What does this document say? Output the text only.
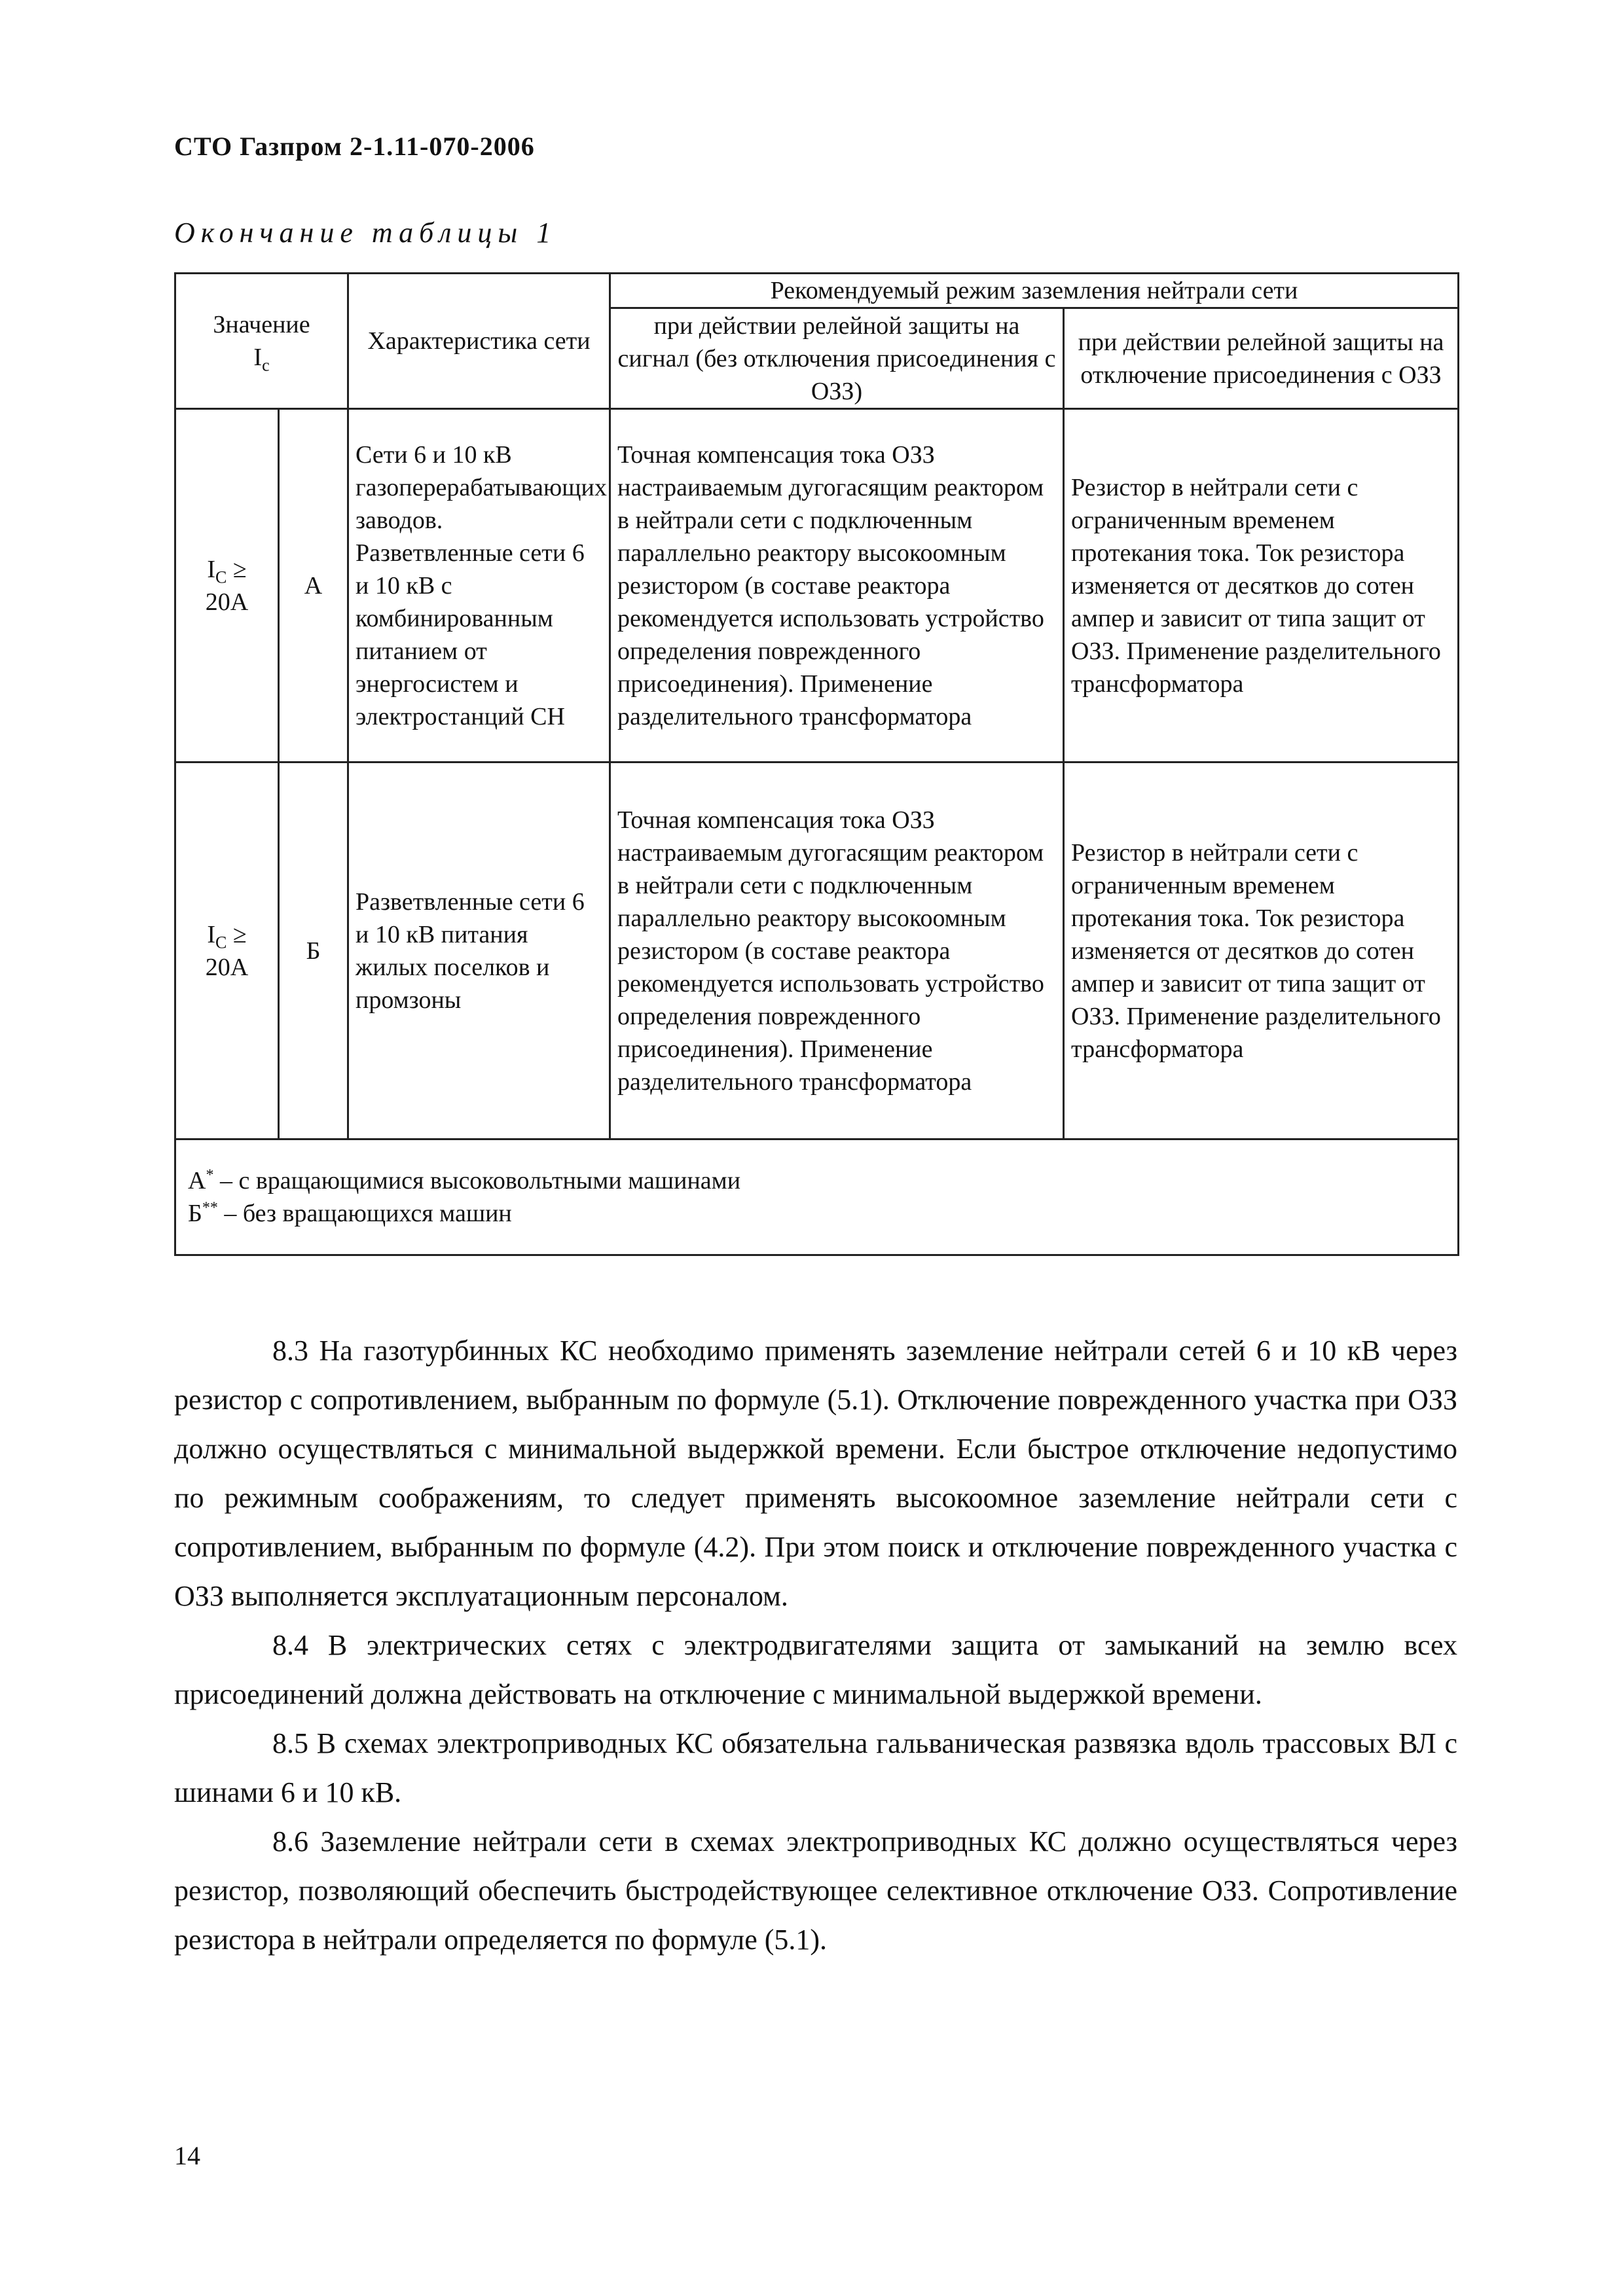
СТО Газпром 2-1.11-070-2006
Окончание таблицы 1
Значение
$I_c$		Характеристика сети	Рекомендуемый режим заземления нейтрали сети	
			при действии релейной защиты на сигнал (без отключения присоединения с ОЗЗ)	при действии релейной защиты на отключение присоединения с ОЗЗ
$I_C$ ≥
20А	А	Сети 6 и 10 кВ газоперерабатывающих заводов. Разветвленные сети 6 и 10 кВ с комбинированным питанием от энергосистем и электростанций СН	Точная компенсация тока ОЗЗ настраиваемым дугогасящим реактором в нейтрали сети с подключенным параллельно реактору высокоомным резистором (в составе реактора рекомендуется использовать устройство определения поврежденного присоединения). Применение разделительного трансформатора	Резистор в нейтрали сети с ограниченным временем протекания тока. Ток резистора изменяется от десятков до сотен ампер и зависит от типа защит от ОЗЗ. Применение разделительного трансформатора
$I_C$ ≥
20А	Б	Разветвленные сети 6 и 10 кВ питания жилых поселков и промзоны	Точная компенсация тока ОЗЗ настраиваемым дугогасящим реактором в нейтрали сети с подключенным параллельно реактору высокоомным резистором (в составе реактора рекомендуется использовать устройство определения поврежденного присоединения). Применение разделительного трансформатора	Резистор в нейтрали сети с ограниченным временем протекания тока. Ток резистора изменяется от десятков до сотен ампер и зависит от типа защит от ОЗЗ. Применение разделительного трансформатора

А* – с вращающимися высоковольтными машинами
Б** – без вращающихся машин				

8.3 На газотурбинных КС необходимо применять заземление нейтрали сетей 6 и 10 кВ через резистор с сопротивлением, выбранным по формуле (5.1). Отключение поврежденного участка при ОЗЗ должно осуществляться с минимальной выдержкой времени. Если быстрое отключение недопустимо по режимным соображениям, то следует применять высокоомное заземление нейтрали сети с сопротивлением, выбранным по формуле (4.2). При этом поиск и отключение поврежденного участка с ОЗЗ выполняется эксплуатационным персоналом.

8.4 В электрических сетях с электродвигателями защита от замыканий на землю всех присоединений должна действовать на отключение с минимальной выдержкой времени.

8.5 В схемах электроприводных КС обязательна гальваническая развязка вдоль трассовых ВЛ с шинами 6 и 10 кВ.

8.6 Заземление нейтрали сети в схемах электроприводных КС должно осуществляться через резистор, позволяющий обеспечить быстродействующее селективное отключение ОЗЗ. Сопротивление резистора в нейтрали определяется по формуле (5.1).

14
